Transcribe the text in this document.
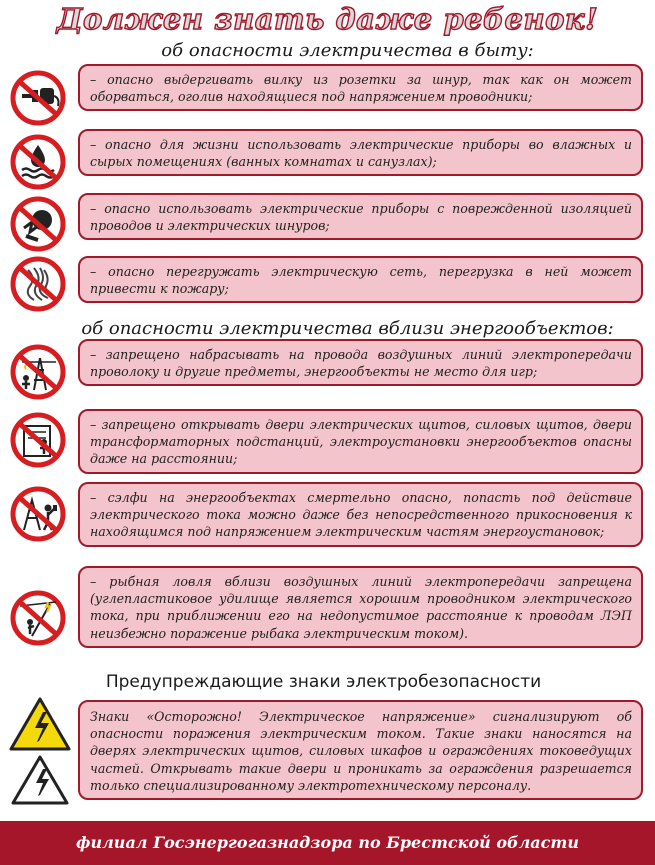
Должен знать даже ребенок!
об опасности электричества в быту:
– опасно выдергивать вилку из розетки за шнур, так как он может оборваться, оголив находящиеся под напряжением проводники;
– опасно для жизни использовать электрические приборы во влажных и сырых помещениях (ванных комнатах и санузлах);
– опасно использовать электрические приборы с поврежденной изоляцией проводов и электрических шнуров;
– опасно перегружать электрическую сеть, перегрузка в ней может привести к пожару;
об опасности электричества вблизи энергообъектов:
– запрещено набрасывать на провода воздушных линий электропередачи проволоку и другие предметы, энергообъекты не место для игр;
– запрещено открывать двери электрических щитов, силовых щитов, двери трансформаторных подстанций, электроустановки энергообъектов опасны даже на расстоянии;
– сэлфи на энергообъектах смертельно опасно, попасть под действие электрического тока можно даже без непосредственного прикосновения к находящимся под напряжением электрическим частям энергоустановок;
– рыбная ловля вблизи воздушных линий электропередачи запрещена (углепластиковое удилище является хорошим проводником электрического тока, при приближении его на недопустимое расстояние к проводам ЛЭП неизбежно поражение рыбака электрическим током).
Предупреждающие знаки электробезопасности
Знаки «Осторожно! Электрическое напряжение» сигнализируют об опасности поражения электрическим током. Такие знаки наносятся на дверях электрических щитов, силовых шкафов и ограждениях токоведущих частей. Открывать такие двери и проникать за ограждения разрешается только специализированному электротехническому персоналу.
филиал Госэнергогазнадзора по Брестской области
